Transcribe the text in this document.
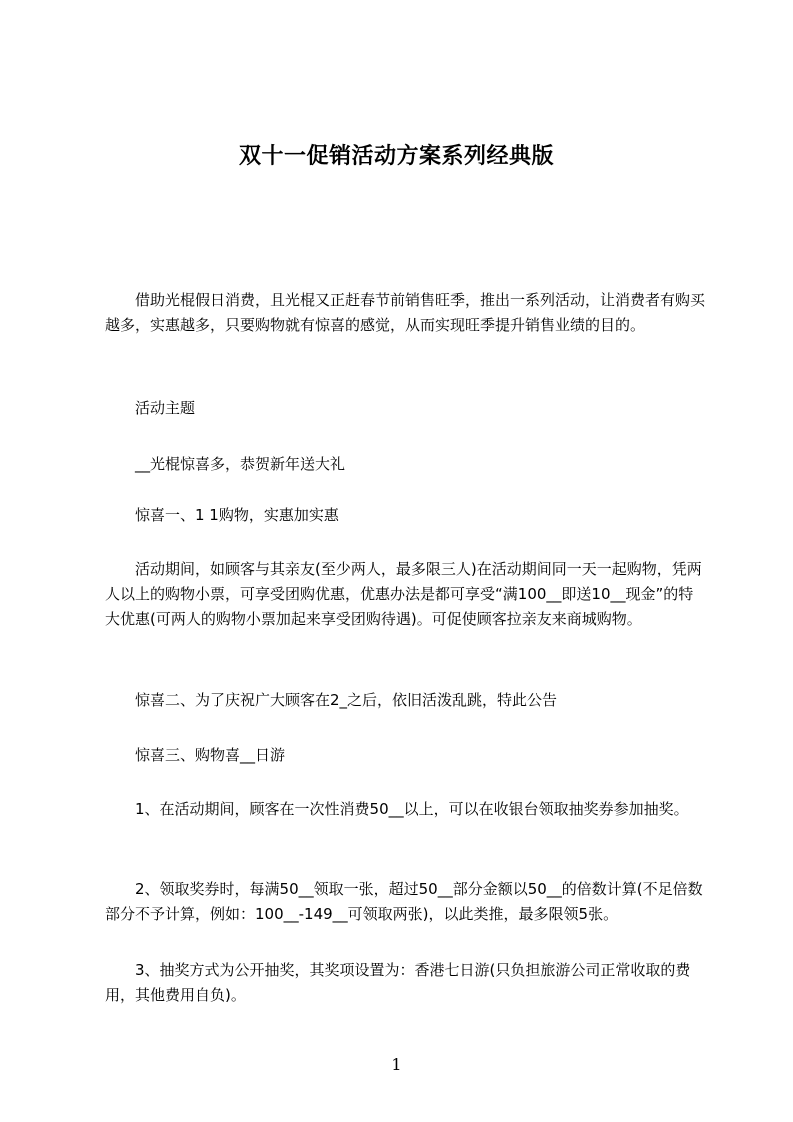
双十一促销活动方案系列经典版

　　借助光棍假日消费，且光棍又正赶春节前销售旺季，推出一系列活动，让消费者有购买越多，实惠越多，只要购物就有惊喜的感觉，从而实现旺季提升销售业绩的目的。

　　活动主题

　　__光棍惊喜多，恭贺新年送大礼

　　惊喜一、1 1购物，实惠加实惠

　　活动期间，如顾客与其亲友(至少两人，最多限三人)在活动期间同一天一起购物，凭两人以上的购物小票，可享受团购优惠，优惠办法是都可享受“满100__即送10__现金”的特大优惠(可两人的购物小票加起来享受团购待遇)。可促使顾客拉亲友来商城购物。

　　惊喜二、为了庆祝广大顾客在2_之后，依旧活泼乱跳，特此公告

　　惊喜三、购物喜__日游

　　1、在活动期间，顾客在一次性消费50__以上，可以在收银台领取抽奖券参加抽奖。

　　2、领取奖券时，每满50__领取一张，超过50__部分金额以50__的倍数计算(不足倍数部分不予计算，例如：100__-149__可领取两张)，以此类推，最多限领5张。

　　3、抽奖方式为公开抽奖，其奖项设置为：香港七日游(只负担旅游公司正常收取的费用，其他费用自负)。

1
